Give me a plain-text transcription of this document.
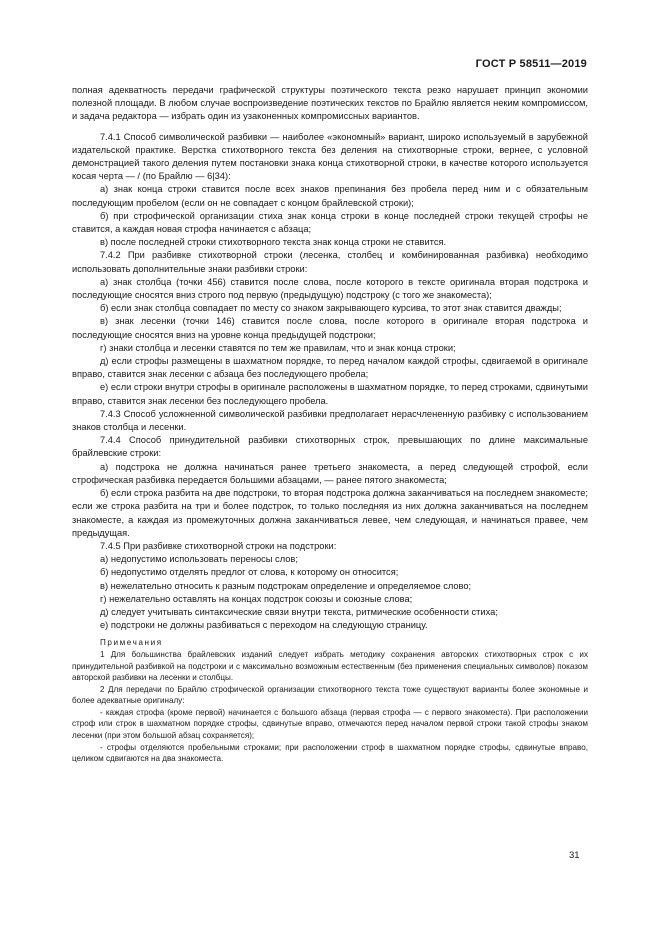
ГОСТ Р 58511—2019

полная адекватность передачи графической структуры поэтического текста резко нарушает принцип экономии полезной площади. В любом случае воспроизведение поэтических текстов по Брайлю является неким компромиссом, и задача редактора — избрать один из узаконенных компромиссных вариантов.

7.4.1 Способ символической разбивки — наиболее «экономный» вариант, широко используемый в зарубежной издательской практике. Верстка стихотворного текста без деления на стихотворные строки, вернее, с условной демонстрацией такого деления путем постановки знака конца стихотворной строки, в качестве которого используется косая черта — / (по Брайлю — 6|34):

а) знак конца строки ставится после всех знаков препинания без пробела перед ним и с обязательным последующим пробелом (если он не совпадает с концом брайлевской строки);

б) при строфической организации стиха знак конца строки в конце последней строки текущей строфы не ставится, а каждая новая строфа начинается с абзаца;

в) после последней строки стихотворного текста знак конца строки не ставится.

7.4.2 При разбивке стихотворной строки (лесенка, столбец и комбинированная разбивка) необходимо использовать дополнительные знаки разбивки строки:

а) знак столбца (точки 456) ставится после слова, после которого в тексте оригинала вторая подстрока и последующие сносятся вниз строго под первую (предыдущую) подстроку (с того же знакоместа);

б) если знак столбца совпадает по месту со знаком закрывающего курсива, то этот знак ставится дважды;

в) знак лесенки (точки 146) ставится после слова, после которого в оригинале вторая подстрока и последующие сносятся вниз на уровне конца предыдущей подстроки;

г) знаки столбца и лесенки ставятся по тем же правилам, что и знак конца строки;

д) если строфы размещены в шахматном порядке, то перед началом каждой строфы, сдвигаемой в оригинале вправо, ставится знак лесенки с абзаца без последующего пробела;

е) если строки внутри строфы в оригинале расположены в шахматном порядке, то перед строками, сдвинутыми вправо, ставится знак лесенки без последующего пробела.

7.4.3 Способ усложненной символической разбивки предполагает нерасчлененную разбивку с использованием знаков столбца и лесенки.

7.4.4 Способ принудительной разбивки стихотворных строк, превышающих по длине максимальные брайлевские строки:

а) подстрока не должна начинаться ранее третьего знакоместа, а перед следующей строфой, если строфическая разбивка передается большими абзацами, — ранее пятого знакоместа;

б) если строка разбита на две подстроки, то вторая подстрока должна заканчиваться на последнем знакоместе; если же строка разбита на три и более подстрок, то только последняя из них должна заканчиваться на последнем знакоместе, а каждая из промежуточных должна заканчиваться левее, чем следующая, и начинаться правее, чем предыдущая.

7.4.5 При разбивке стихотворной строки на подстроки:

а) недопустимо использовать переносы слов;

б) недопустимо отделять предлог от слова, к которому он относится;

в) нежелательно относить к разным подстрокам определение и определяемое слово;

г) нежелательно оставлять на концах подстрок союзы и союзные слова;

д) следует учитывать синтаксические связи внутри текста, ритмические особенности стиха;

е) подстроки не должны разбиваться с переходом на следующую страницу.

Примечания

1 Для большинства брайлевских изданий следует избрать методику сохранения авторских стихотворных строк с их принудительной разбивкой на подстроки и с максимально возможным естественным (без применения специальных символов) показом авторской разбивки на лесенки и столбцы.

2 Для передачи по Брайлю строфической организации стихотворного текста тоже существуют варианты более экономные и более адекватные оригиналу:

- каждая строфа (кроме первой) начинается с большого абзаца (первая строфа — с первого знакоместа). При расположении строф или строк в шахматном порядке строфы, сдвинутые вправо, отмечаются перед началом первой строки такой строфы знаком лесенки (при этом большой абзац сохраняется);

- строфы отделяются пробельными строками; при расположении строф в шахматном порядке строфы, сдвинутые вправо, целиком сдвигаются на два знакоместа.

31
